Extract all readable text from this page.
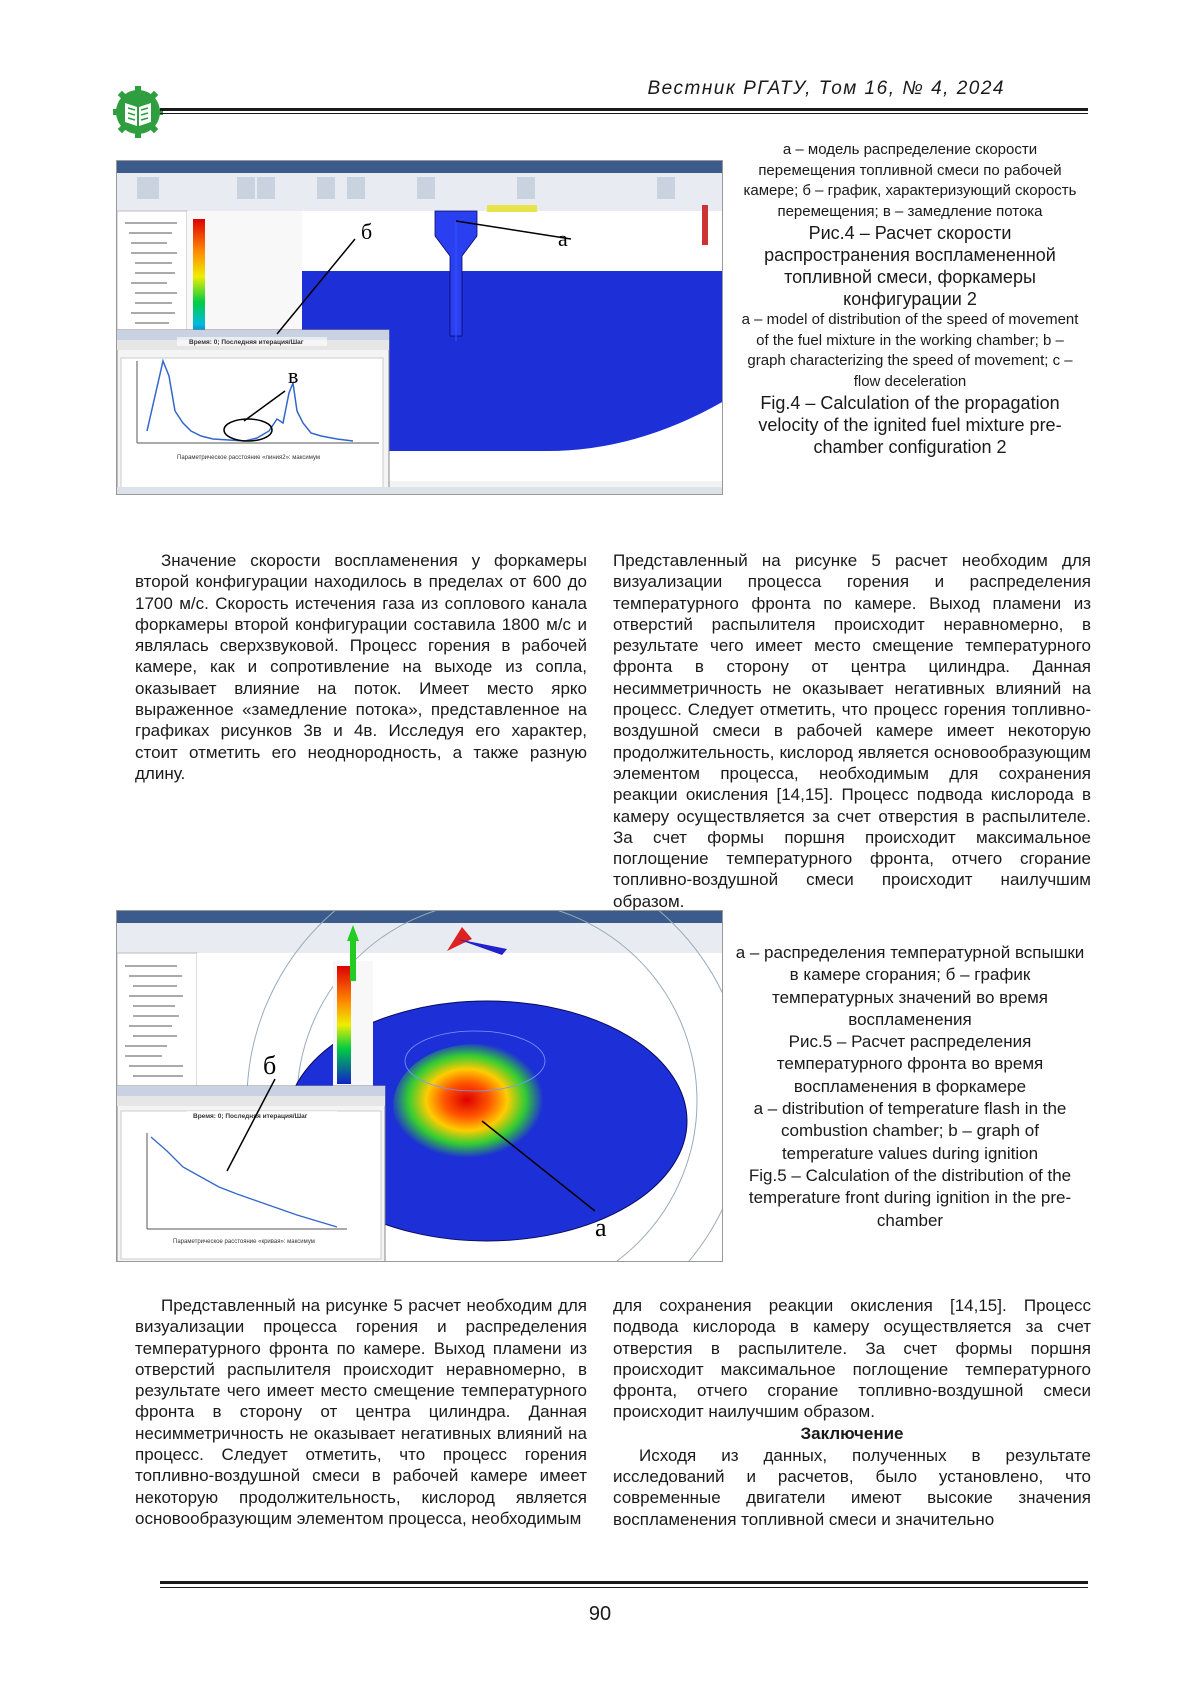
Вестник РГАТУ, Том 16, № 4, 2024
Время: 0; Последняя итерация/Шаг
Параметрическое расстояние «линия2»: максимум
а
б
в
а – модель распределение скорости перемещения топливной смеси по рабочей камере; б – график, характеризующий скорость перемещения; в – замедление потока
Рис.4 – Расчет скорости распространения воспламененной топливной смеси, форкамеры конфигурации 2
a – model of distribution of the speed of movement of the fuel mixture in the working chamber; b – graph characterizing the speed of movement; c – flow deceleration
Fig.4 – Calculation of the propagation velocity of the ignited fuel mixture pre-chamber configuration 2

Значение скорости воспламенения у форкамеры второй конфигурации находилось в пределах от 600 до 1700 м/с. Скорость истечения газа из соплового канала форкамеры второй конфигурации составила 1800 м/с и являлась сверхзвуковой. Процесс горения в рабочей камере, как и сопротивление на выходе из сопла, оказывает влияние на поток. Имеет место ярко выраженное «замедление потока», представленное на графиках рисунков 3в и 4в. Исследуя его характер, стоит отметить его неоднородность, а также разную длину.

Представленный на рисунке 5 расчет необходим для визуализации процесса горения и распределения температурного фронта по камере. Выход пламени из отверстий распылителя происходит неравномерно, в результате чего имеет место смещение температурного фронта в сторону от центра цилиндра. Данная несимметричность не оказывает негативных влияний на процесс. Следует отметить, что процесс горения топливно-воздушной смеси в рабочей камере имеет некоторую продолжительность, кислород является основообразующим элементом процесса, необходимым для сохранения реакции окисления [14,15]. Процесс подвода кислорода в камеру осуществляется за счет отверстия в распылителе. За счет формы поршня происходит максимальное поглощение температурного фронта, отчего сгорание топливно-воздушной смеси происходит наилучшим образом.

Время: 0; Последняя итерация/Шаг
Параметрическое расстояние «кривая»: максимум	а
б
а – распределения температурной вспышки в камере сгорания; б – график температурных значений во время воспламенения
Рис.5 – Расчет распределения температурного фронта во время воспламенения в форкамере
a – distribution of temperature flash in the combustion chamber; b – graph of temperature values during ignition
Fig.5 – Calculation of the distribution of the temperature front during ignition in the pre-chamber

Представленный на рисунке 5 расчет необходим для визуализации процесса горения и распределения температурного фронта по камере. Выход пламени из отверстий распылителя происходит неравномерно, в результате чего имеет место смещение температурного фронта в сторону от центра цилиндра. Данная несимметричность не оказывает негативных влияний на процесс. Следует отметить, что процесс горения топливно-воздушной смеси в рабочей камере имеет некоторую продолжительность, кислород является основообразующим элементом процесса, необходимым

для сохранения реакции окисления [14,15]. Процесс подвода кислорода в камеру осуществляется за счет отверстия в распылителе. За счет формы поршня происходит максимальное поглощение температурного фронта, отчего сгорание топливно-воздушной смеси происходит наилучшим образом.

Заключение

Исходя из данных, полученных в результате исследований и расчетов, было установлено, что современные двигатели имеют высокие значения воспламенения топливной смеси и значительно

90
